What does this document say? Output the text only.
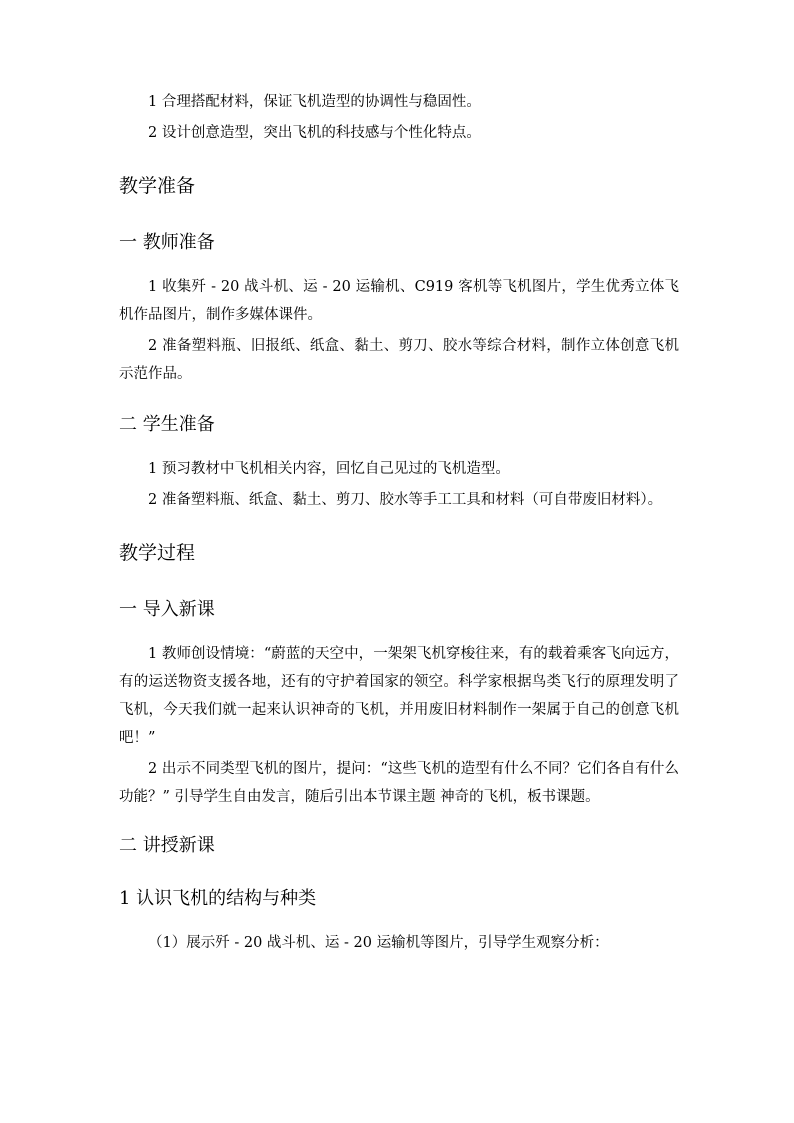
1 合理搭配材料，保证飞机造型的协调性与稳固性。

2 设计创意造型，突出飞机的科技感与个性化特点。

教学准备
一 教师准备

1 收集歼 - 20 战斗机、运 - 20 运输机、C919 客机等飞机图片，学生优秀立体飞机作品图片，制作多媒体课件。

2 准备塑料瓶、旧报纸、纸盒、黏土、剪刀、胶水等综合材料，制作立体创意飞机示范作品。

二 学生准备

1 预习教材中飞机相关内容，回忆自己见过的飞机造型。

2 准备塑料瓶、纸盒、黏土、剪刀、胶水等手工工具和材料（可自带废旧材料）。

教学过程
一 导入新课

1 教师创设情境：“蔚蓝的天空中，一架架飞机穿梭往来，有的载着乘客飞向远方，有的运送物资支援各地，还有的守护着国家的领空。科学家根据鸟类飞行的原理发明了飞机，今天我们就一起来认识神奇的飞机，并用废旧材料制作一架属于自己的创意飞机吧！”

2 出示不同类型飞机的图片，提问：“这些飞机的造型有什么不同？它们各自有什么功能？” 引导学生自由发言，随后引出本节课主题 神奇的飞机，板书课题。

二 讲授新课
1 认识飞机的结构与种类

（1）展示歼 - 20 战斗机、运 - 20 运输机等图片，引导学生观察分析：
